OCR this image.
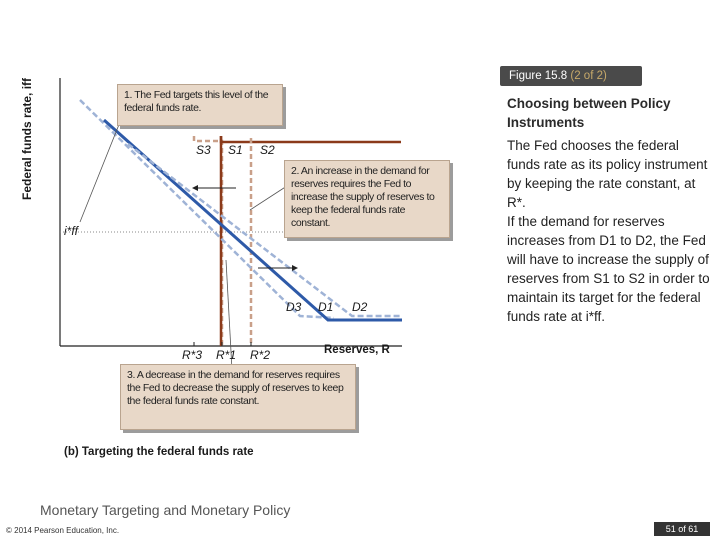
Federal funds rate, iff
i*ff
S3 S1 S2
D3 D1 D2
R*3 R*1 R*2	Reserves, R
1. The Fed targets this level of the federal funds rate.
2. An increase in the demand for reserves requires the Fed to increase the supply of reserves to keep the federal funds rate constant.
3. A decrease in the demand for reserves requires the Fed to decrease the supply of reserves to keep the federal funds rate constant.
(b) Targeting the federal funds rate
Figure 15.8 (2 of 2)
Choosing between Policy Instruments
The Fed chooses the federal funds rate as its policy instrument by keeping the rate constant, at R*.
If the demand for reserves increases from D1 to D2, the Fed will have to increase the supply of reserves from S1 to S2 in order to maintain its target for the federal funds rate at i*ff.
Monetary Targeting and Monetary Policy
© 2014 Pearson Education, Inc.	51 of 61
